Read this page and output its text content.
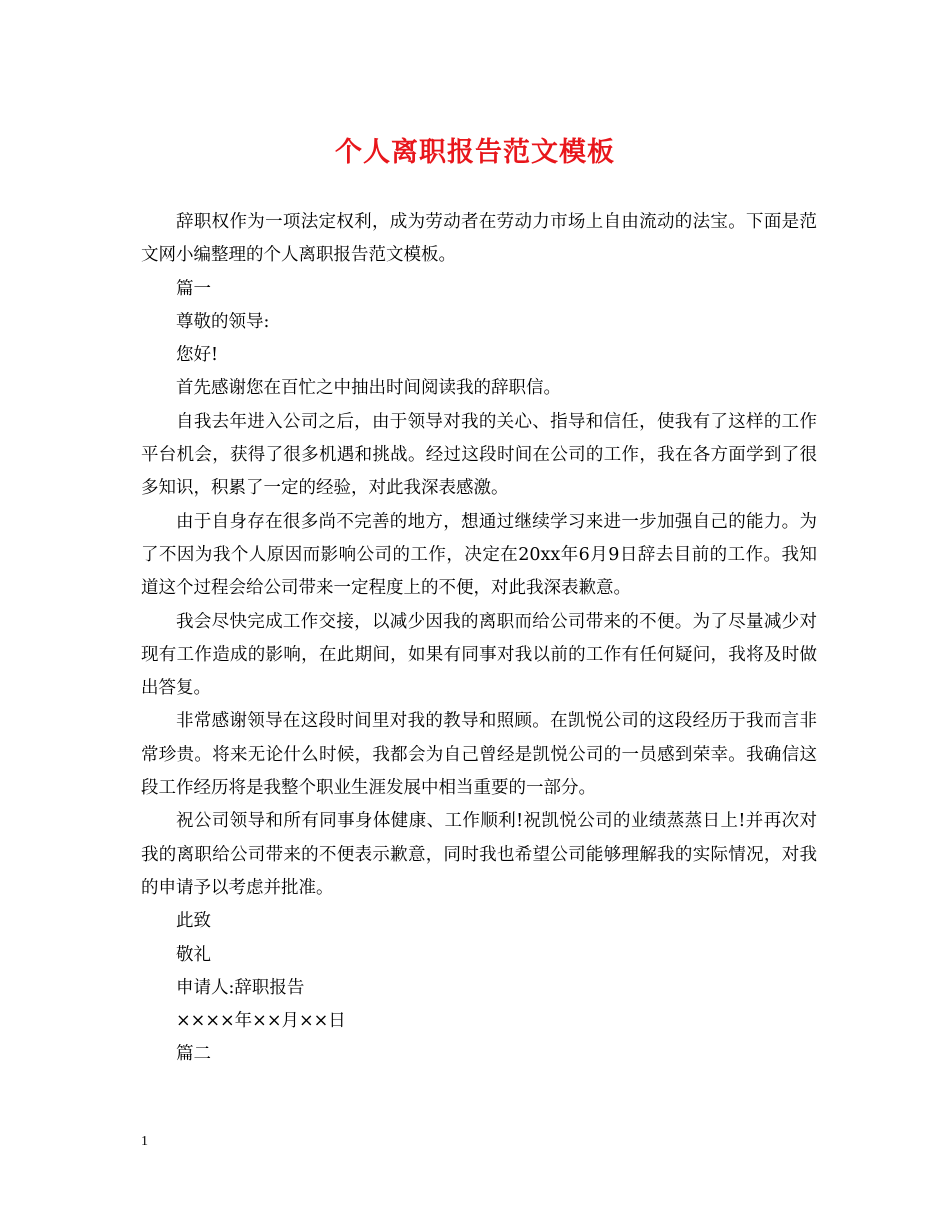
个人离职报告范文模板

辞职权作为一项法定权利，成为劳动者在劳动力市场上自由流动的法宝。下面是范文网小编整理的个人离职报告范文模板。

篇一

尊敬的领导:

您好!

首先感谢您在百忙之中抽出时间阅读我的辞职信。

自我去年进入公司之后，由于领导对我的关心、指导和信任，使我有了这样的工作平台机会，获得了很多机遇和挑战。经过这段时间在公司的工作，我在各方面学到了很多知识，积累了一定的经验，对此我深表感激。

由于自身存在很多尚不完善的地方，想通过继续学习来进一步加强自己的能力。为了不因为我个人原因而影响公司的工作，决定在20xx年6月9日辞去目前的工作。我知道这个过程会给公司带来一定程度上的不便，对此我深表歉意。

我会尽快完成工作交接，以减少因我的离职而给公司带来的不便。为了尽量减少对现有工作造成的影响，在此期间，如果有同事对我以前的工作有任何疑问，我将及时做出答复。

非常感谢领导在这段时间里对我的教导和照顾。在凯悦公司的这段经历于我而言非常珍贵。将来无论什么时候，我都会为自己曾经是凯悦公司的一员感到荣幸。我确信这段工作经历将是我整个职业生涯发展中相当重要的一部分。

祝公司领导和所有同事身体健康、工作顺利!祝凯悦公司的业绩蒸蒸日上!并再次对我的离职给公司带来的不便表示歉意，同时我也希望公司能够理解我的实际情况，对我的申请予以考虑并批准。

此致

敬礼

申请人:辞职报告

××××年××月××日

篇二

1
